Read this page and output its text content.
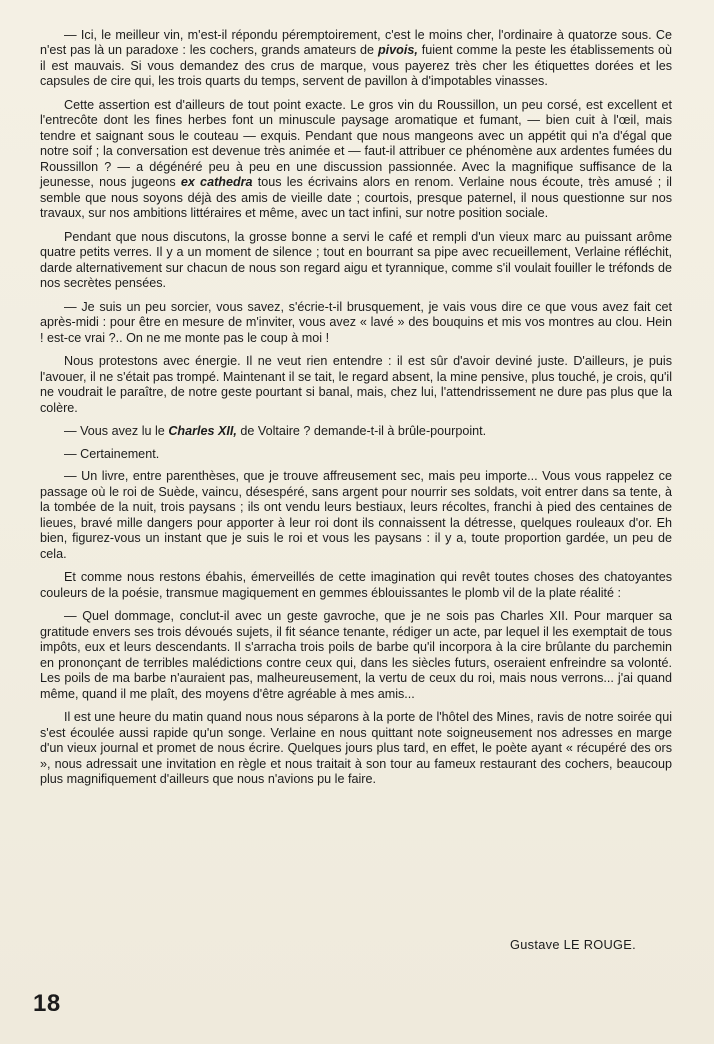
— Ici, le meilleur vin, m'est-il répondu péremptoirement, c'est le moins cher, l'ordinaire à quatorze sous. Ce n'est pas là un paradoxe : les cochers, grands amateurs de pivois, fuient comme la peste les établissements où il est mauvais. Si vous demandez des crus de marque, vous payerez très cher les étiquettes dorées et les capsules de cire qui, les trois quarts du temps, servent de pavillon à d'impotables vinasses.

Cette assertion est d'ailleurs de tout point exacte. Le gros vin du Roussillon, un peu corsé, est excellent et l'entrecôte dont les fines herbes font un minuscule paysage aromatique et fumant, — bien cuit à l'œil, mais tendre et saignant sous le couteau — exquis. Pendant que nous mangeons avec un appétit qui n'a d'égal que notre soif ; la conversation est devenue très animée et — faut-il attribuer ce phénomène aux ardentes fumées du Roussillon ? — a dégénéré peu à peu en une discussion passionnée. Avec la magnifique suffisance de la jeunesse, nous jugeons ex cathedra tous les écrivains alors en renom. Verlaine nous écoute, très amusé ; il semble que nous soyons déjà des amis de vieille date ; courtois, presque paternel, il nous questionne sur nos travaux, sur nos ambitions littéraires et même, avec un tact infini, sur notre position sociale.

Pendant que nous discutons, la grosse bonne a servi le café et rempli d'un vieux marc au puissant arôme quatre petits verres. Il y a un moment de silence ; tout en bourrant sa pipe avec recueillement, Verlaine réfléchit, darde alternativement sur chacun de nous son regard aigu et tyrannique, comme s'il voulait fouiller le tréfonds de nos secrètes pensées.

— Je suis un peu sorcier, vous savez, s'écrie-t-il brusquement, je vais vous dire ce que vous avez fait cet après-midi : pour être en mesure de m'inviter, vous avez « lavé » des bouquins et mis vos montres au clou. Hein ! est-ce vrai ?.. On ne me monte pas le coup à moi !

Nous protestons avec énergie. Il ne veut rien entendre : il est sûr d'avoir deviné juste. D'ailleurs, je puis l'avouer, il ne s'était pas trompé. Maintenant il se tait, le regard absent, la mine pensive, plus touché, je crois, qu'il ne voudrait le paraître, de notre geste pourtant si banal, mais, chez lui, l'attendrissement ne dure pas plus que la colère.

— Vous avez lu le Charles XII, de Voltaire ? demande-t-il à brûle-pourpoint.

— Certainement.

— Un livre, entre parenthèses, que je trouve affreusement sec, mais peu importe... Vous vous rappelez ce passage où le roi de Suède, vaincu, désespéré, sans argent pour nourrir ses soldats, voit entrer dans sa tente, à la tombée de la nuit, trois paysans ; ils ont vendu leurs bestiaux, leurs récoltes, franchi à pied des centaines de lieues, bravé mille dangers pour apporter à leur roi dont ils connaissent la détresse, quelques rouleaux d'or. Eh bien, figurez-vous un instant que je suis le roi et vous les paysans : il y a, toute proportion gardée, un peu de cela.

Et comme nous restons ébahis, émerveillés de cette imagination qui revêt toutes choses des chatoyantes couleurs de la poésie, transmue magiquement en gemmes éblouissantes le plomb vil de la plate réalité :

— Quel dommage, conclut-il avec un geste gavroche, que je ne sois pas Charles XII. Pour marquer sa gratitude envers ses trois dévoués sujets, il fit séance tenante, rédiger un acte, par lequel il les exemptait de tous impôts, eux et leurs descendants. Il s'arracha trois poils de barbe qu'il incorpora à la cire brûlante du parchemin en prononçant de terribles malédictions contre ceux qui, dans les siècles futurs, oseraient enfreindre sa volonté. Les poils de ma barbe n'auraient pas, malheureusement, la vertu de ceux du roi, mais nous verrons... j'ai quand même, quand il me plaît, des moyens d'être agréable à mes amis...

Il est une heure du matin quand nous nous séparons à la porte de l'hôtel des Mines, ravis de notre soirée qui s'est écoulée aussi rapide qu'un songe. Verlaine en nous quittant note soigneusement nos adresses en marge d'un vieux journal et promet de nous écrire. Quelques jours plus tard, en effet, le poète ayant « récupéré des ors », nous adressait une invitation en règle et nous traitait à son tour au fameux restaurant des cochers, beaucoup plus magnifiquement d'ailleurs que nous n'avions pu le faire.

Gustave LE ROUGE.
18
